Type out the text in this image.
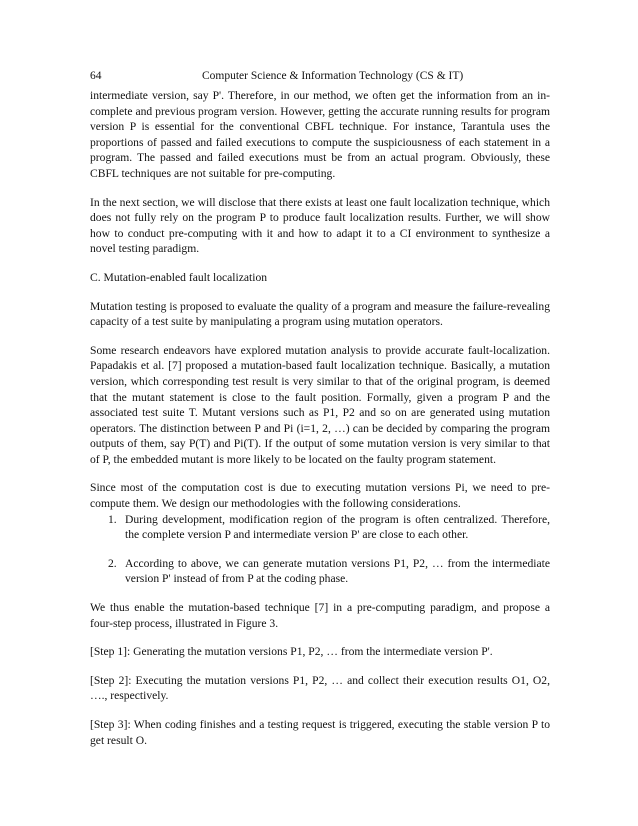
64	Computer Science & Information Technology (CS & IT)

intermediate version, say P'. Therefore, in our method, we often get the information from an in-complete and previous program version. However, getting the accurate running results for program version P is essential for the conventional CBFL technique. For instance, Tarantula uses the proportions of passed and failed executions to compute the suspiciousness of each statement in a program. The passed and failed executions must be from an actual program. Obviously, these CBFL techniques are not suitable for pre-computing.

In the next section, we will disclose that there exists at least one fault localization technique, which does not fully rely on the program P to produce fault localization results. Further, we will show how to conduct pre-computing with it and how to adapt it to a CI environment to synthesize a novel testing paradigm.

C. Mutation-enabled fault localization

Mutation testing is proposed to evaluate the quality of a program and measure the failure-revealing capacity of a test suite by manipulating a program using mutation operators.

Some research endeavors have explored mutation analysis to provide accurate fault-localization. Papadakis et al. [7] proposed a mutation-based fault localization technique. Basically, a mutation version, which corresponding test result is very similar to that of the original program, is deemed that the mutant statement is close to the fault position. Formally, given a program P and the associated test suite T. Mutant versions such as P1, P2 and so on are generated using mutation operators. The distinction between P and Pi (i=1, 2, …) can be decided by comparing the program outputs of them, say P(T) and Pi(T). If the output of some mutation version is very similar to that of P, the embedded mutant is more likely to be located on the faulty program statement.

Since most of the computation cost is due to executing mutation versions Pi, we need to pre-compute them. We design our methodologies with the following considerations.

1. During development, modification region of the program is often centralized. Therefore, the complete version P and intermediate version P' are close to each other.
2. According to above, we can generate mutation versions P1, P2, … from the intermediate version P' instead of from P at the coding phase.

We thus enable the mutation-based technique [7] in a pre-computing paradigm, and propose a four-step process, illustrated in Figure 3.

[Step 1]: Generating the mutation versions P1, P2, … from the intermediate version P'.

[Step 2]: Executing the mutation versions P1, P2, … and collect their execution results O1, O2, …., respectively.

[Step 3]: When coding finishes and a testing request is triggered, executing the stable version P to get result O.
